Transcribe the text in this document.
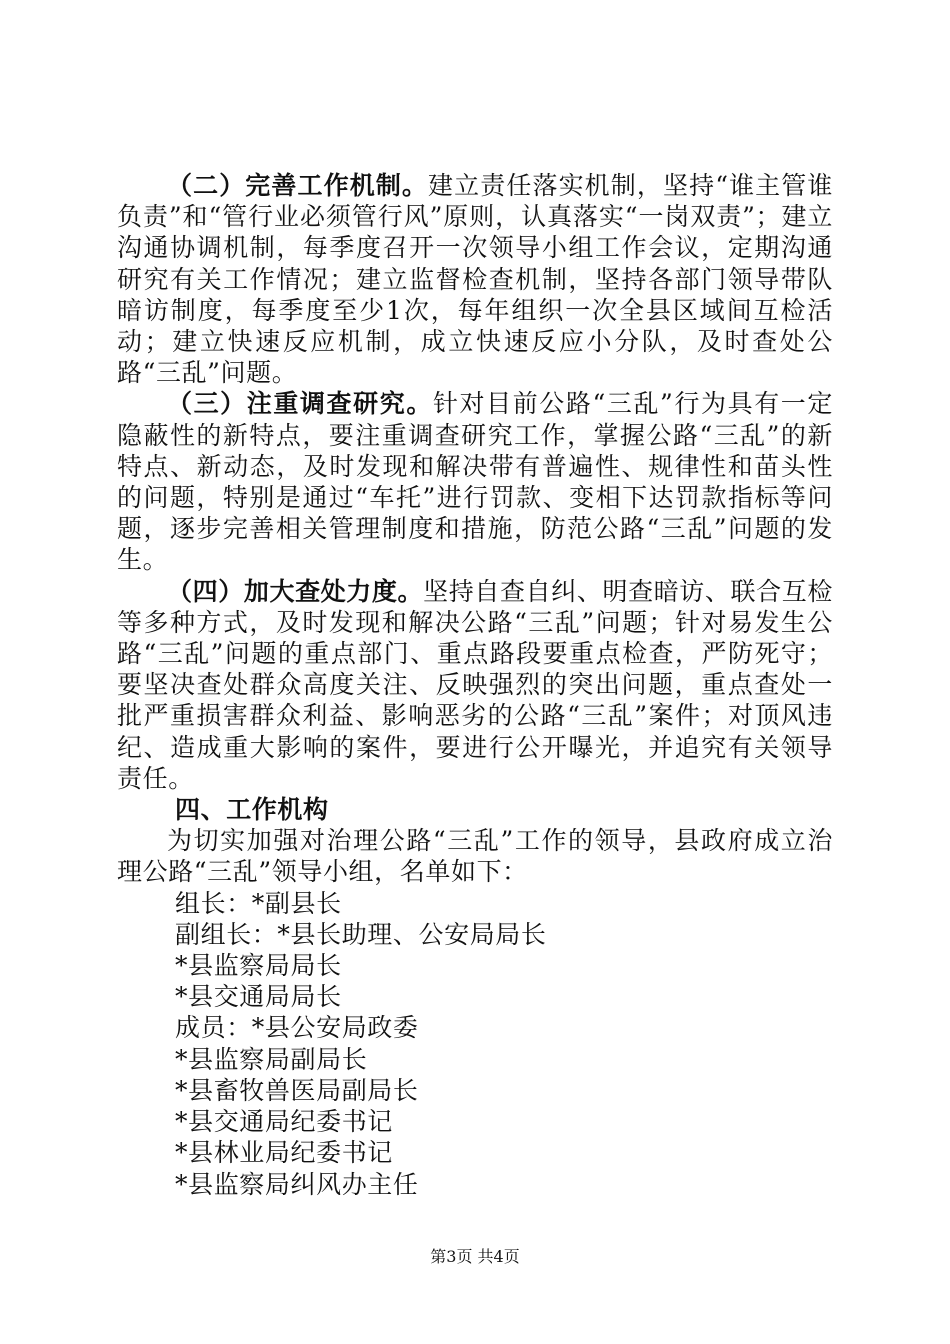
（二）完善工作机制。建立责任落实机制，坚持“谁主管谁负责”和“管行业必须管行风”原则，认真落实“一岗双责”；建立沟通协调机制，每季度召开一次领导小组工作会议，定期沟通研究有关工作情况；建立监督检查机制，坚持各部门领导带队暗访制度，每季度至少1次，每年组织一次全县区域间互检活动；建立快速反应机制，成立快速反应小分队，及时查处公路“三乱”问题。

（三）注重调查研究。针对目前公路“三乱”行为具有一定隐蔽性的新特点，要注重调查研究工作，掌握公路“三乱”的新特点、新动态，及时发现和解决带有普遍性、规律性和苗头性的问题，特别是通过“车托”进行罚款、变相下达罚款指标等问题，逐步完善相关管理制度和措施，防范公路“三乱”问题的发生。

（四）加大查处力度。坚持自查自纠、明查暗访、联合互检等多种方式，及时发现和解决公路“三乱”问题；针对易发生公路“三乱”问题的重点部门、重点路段要重点检查，严防死守；要坚决查处群众高度关注、反映强烈的突出问题，重点查处一批严重损害群众利益、影响恶劣的公路“三乱”案件；对顶风违纪、造成重大影响的案件，要进行公开曝光，并追究有关领导责任。

四、工作机构

为切实加强对治理公路“三乱”工作的领导，县政府成立治理公路“三乱”领导小组，名单如下：

组长：*副县长

副组长：*县长助理、公安局局长

*县监察局局长

*县交通局局长

成员：*县公安局政委

*县监察局副局长

*县畜牧兽医局副局长

*县交通局纪委书记

*县林业局纪委书记

*县监察局纠风办主任

第3页 共4页
